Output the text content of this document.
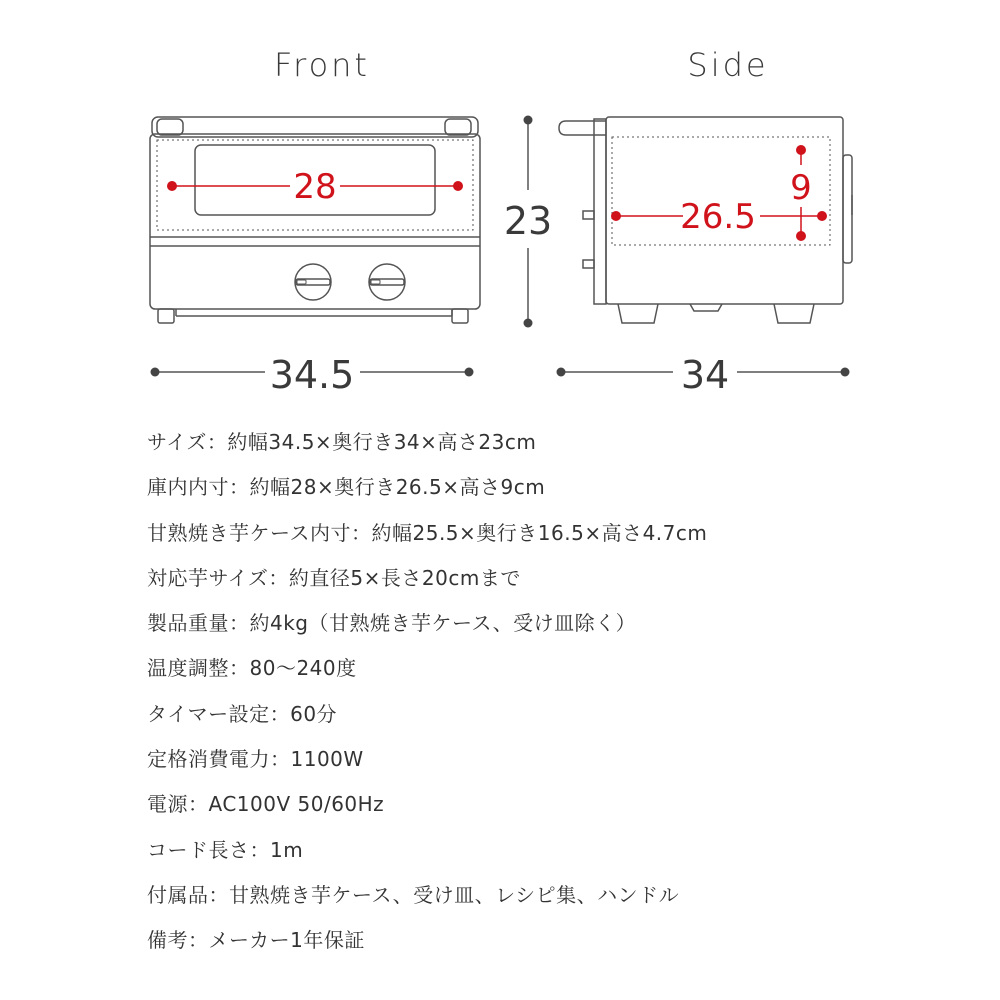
Front
28
34.5
23
Side
26.5
9
34
サイズ：約幅34.5×奥行き34×高さ23cm
庫内内寸：約幅28×奥行き26.5×高さ9cm
甘熟焼き芋ケース内寸：約幅25.5×奥行き16.5×高さ4.7cm
対応芋サイズ：約直径5×長さ20cmまで
製品重量：約4kg（甘熟焼き芋ケース、受け皿除く）
温度調整：80〜240度
タイマー設定：60分
定格消費電力：1100W
電源：AC100V 50/60Hz
コード長さ：1m
付属品：甘熟焼き芋ケース、受け皿、レシピ集、ハンドル
備考：メーカー1年保証
